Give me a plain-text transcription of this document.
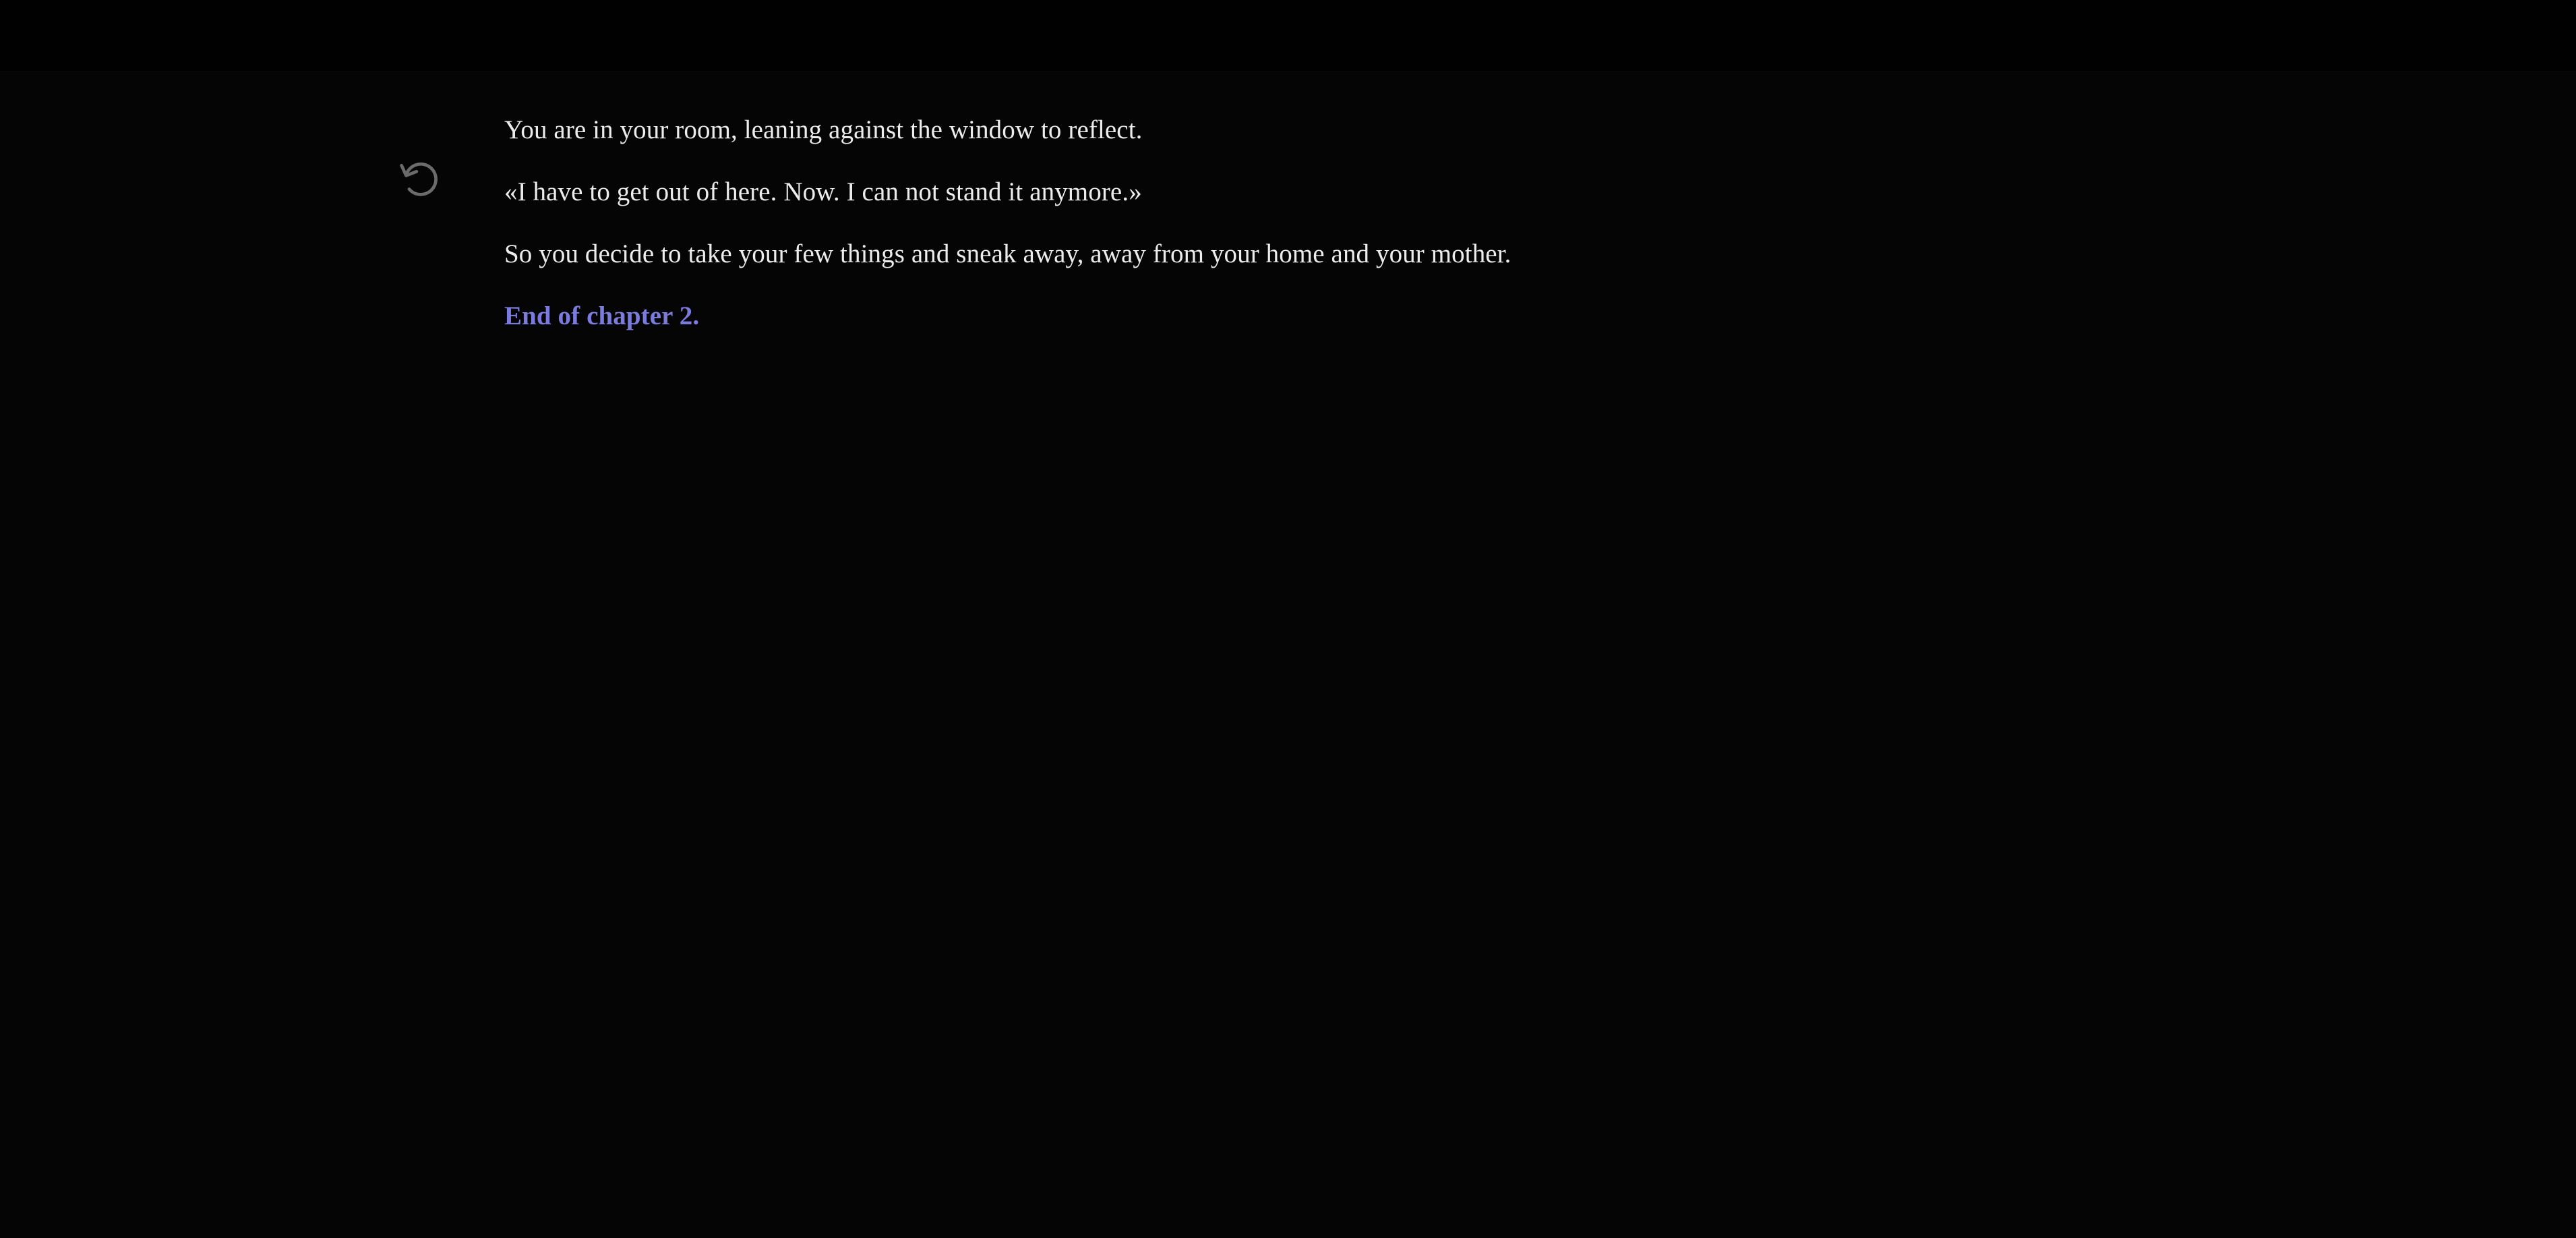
You are in your room, leaning against the window to reflect.

«I have to get out of here. Now. I can not stand it anymore.»

So you decide to take your few things and sneak away, away from your home and your mother.

End of chapter 2.
